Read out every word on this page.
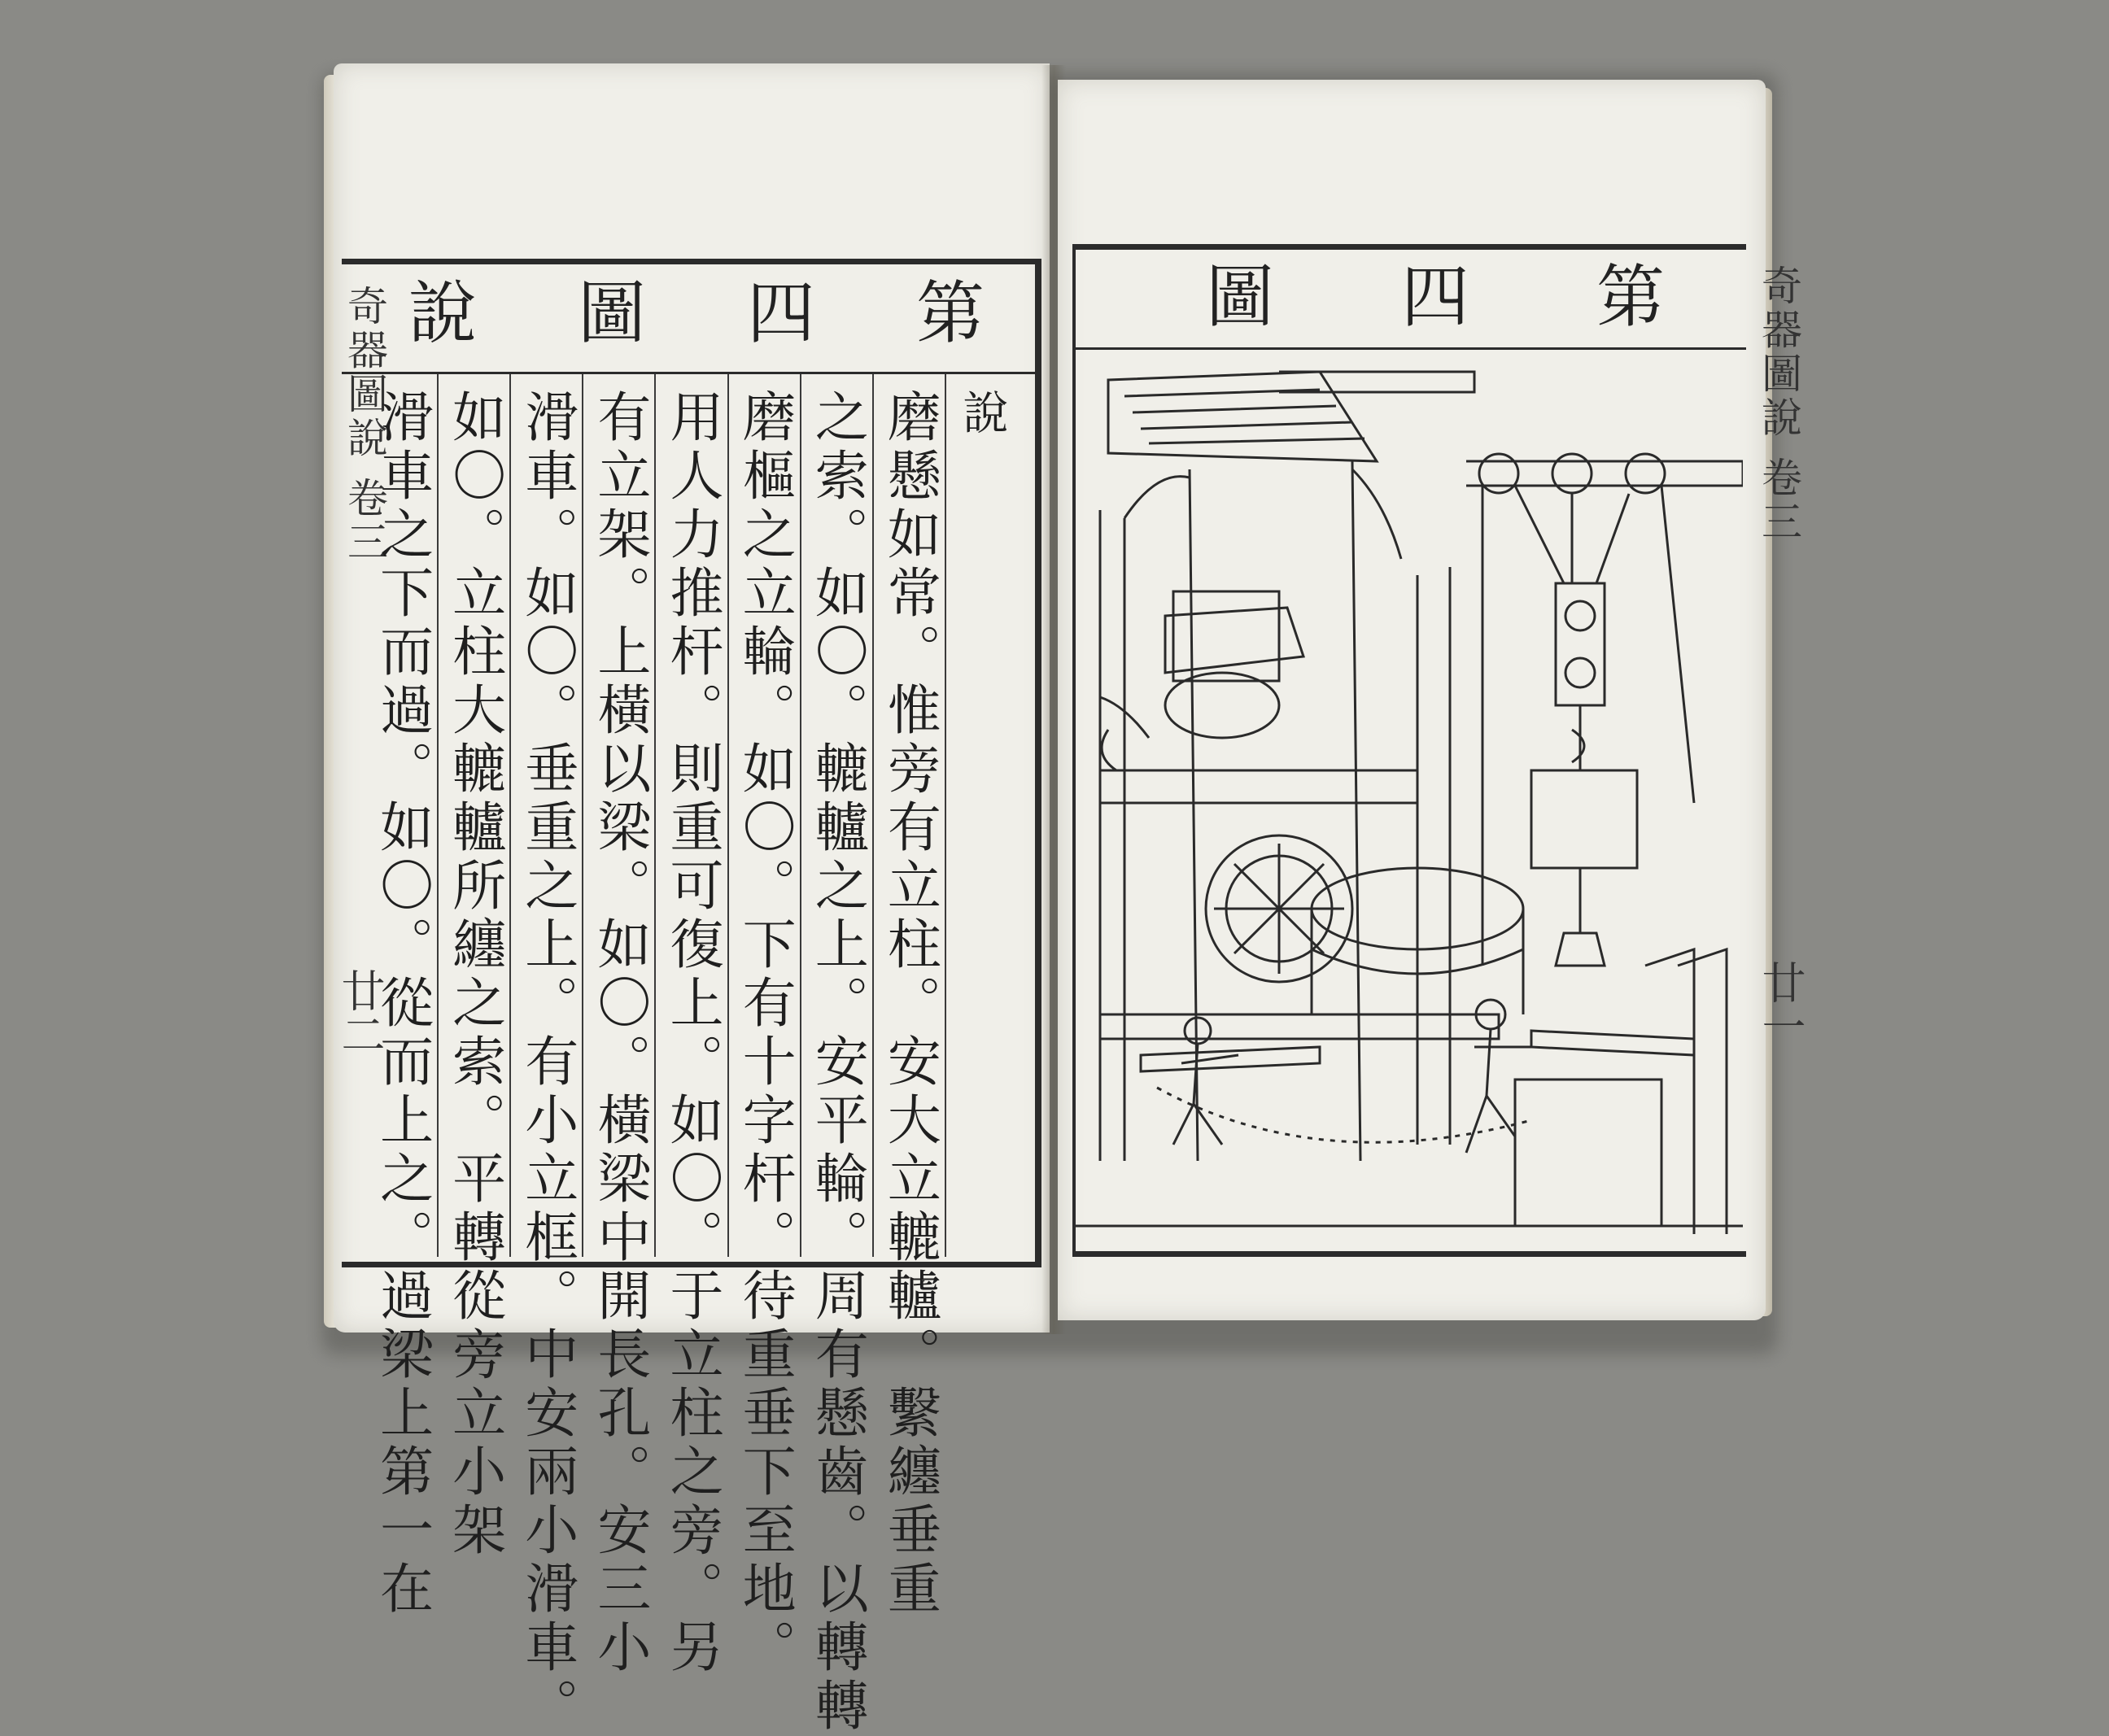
奇器圖說 卷三
廿二
第
四
圖
說
說
磨懸如常。惟旁有立柱。安大立轆轤。繫纏垂重
之索。如〇。轆轤之上。安平輪。周有懸齒。以轉轉
磨樞之立輪。如〇。下有十字杆。待重垂下至地。
用人力推杆。則重可復上。如〇。于立柱之旁。另
有立架。上橫以梁。如〇。橫梁中開長孔。安三小
滑車。如〇。垂重之上。有小立框。中安兩小滑車。
如〇。立柱大轆轤所纏之索。平轉從旁立小架
滑車之下而過。如〇。從而上之。過梁上第一在	奇器圖說 卷三
廿一
第
四
圖
